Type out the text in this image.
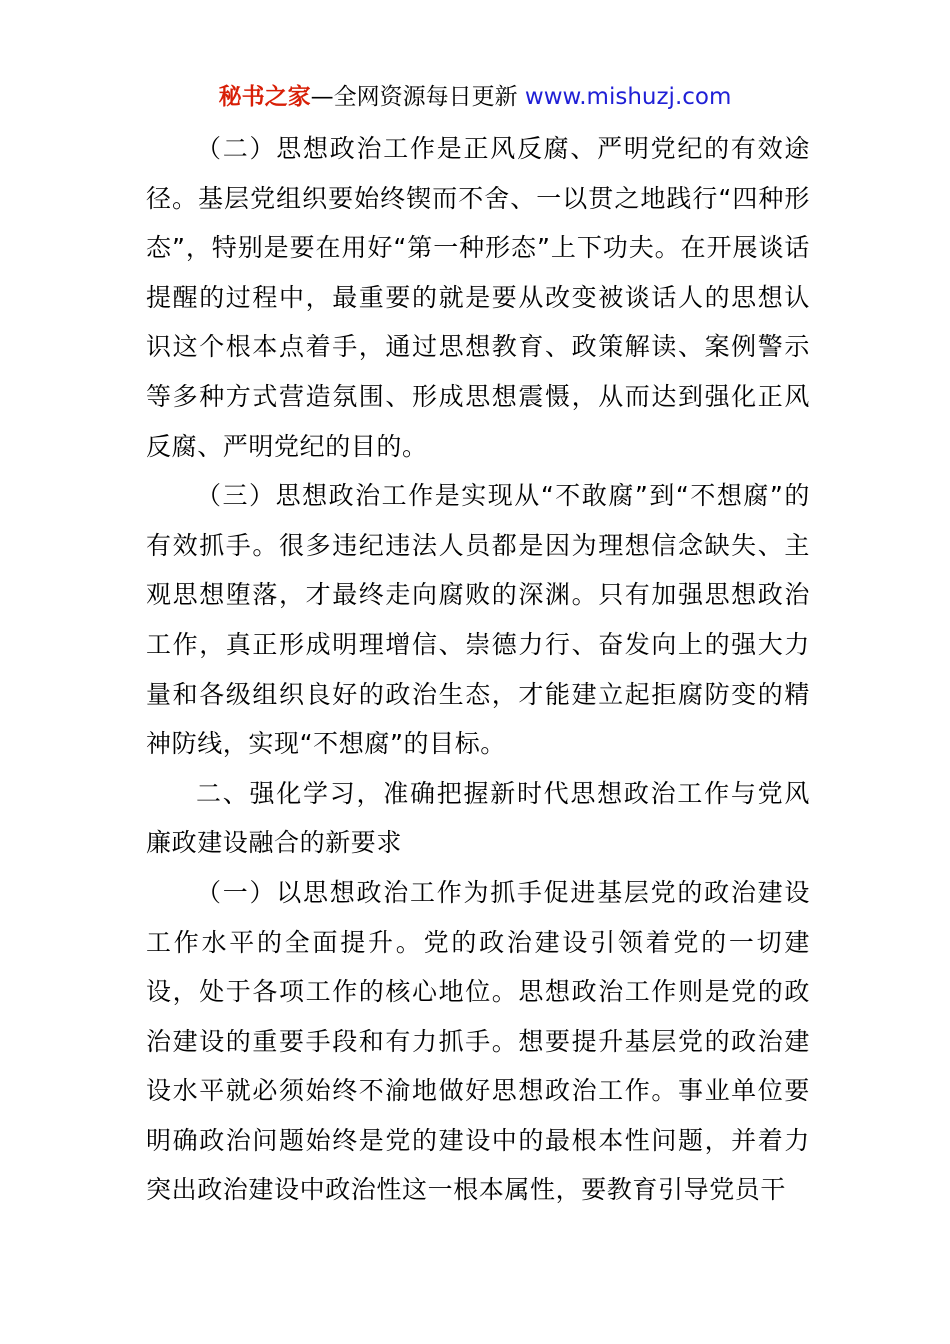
秘书之家—全网资源每日更新 www.mishuzj.com

（二）思想政治工作是正风反腐、严明党纪的有效途径。基层党组织要始终锲而不舍、一以贯之地践行“四种形态”，特别是要在用好“第一种形态”上下功夫。在开展谈话提醒的过程中，最重要的就是要从改变被谈话人的思想认识这个根本点着手，通过思想教育、政策解读、案例警示等多种方式营造氛围、形成思想震慑，从而达到强化正风反腐、严明党纪的目的。

（三）思想政治工作是实现从“不敢腐”到“不想腐”的有效抓手。很多违纪违法人员都是因为理想信念缺失、主观思想堕落，才最终走向腐败的深渊。只有加强思想政治工作，真正形成明理增信、崇德力行、奋发向上的强大力量和各级组织良好的政治生态，才能建立起拒腐防变的精神防线，实现“不想腐”的目标。

二、强化学习，准确把握新时代思想政治工作与党风廉政建设融合的新要求

（一）以思想政治工作为抓手促进基层党的政治建设工作水平的全面提升。党的政治建设引领着党的一切建设，处于各项工作的核心地位。思想政治工作则是党的政治建设的重要手段和有力抓手。想要提升基层党的政治建设水平就必须始终不渝地做好思想政治工作。事业单位要明确政治问题始终是党的建设中的最根本性问题，并着力突出政治建设中政治性这一根本属性，要教育引导党员干
